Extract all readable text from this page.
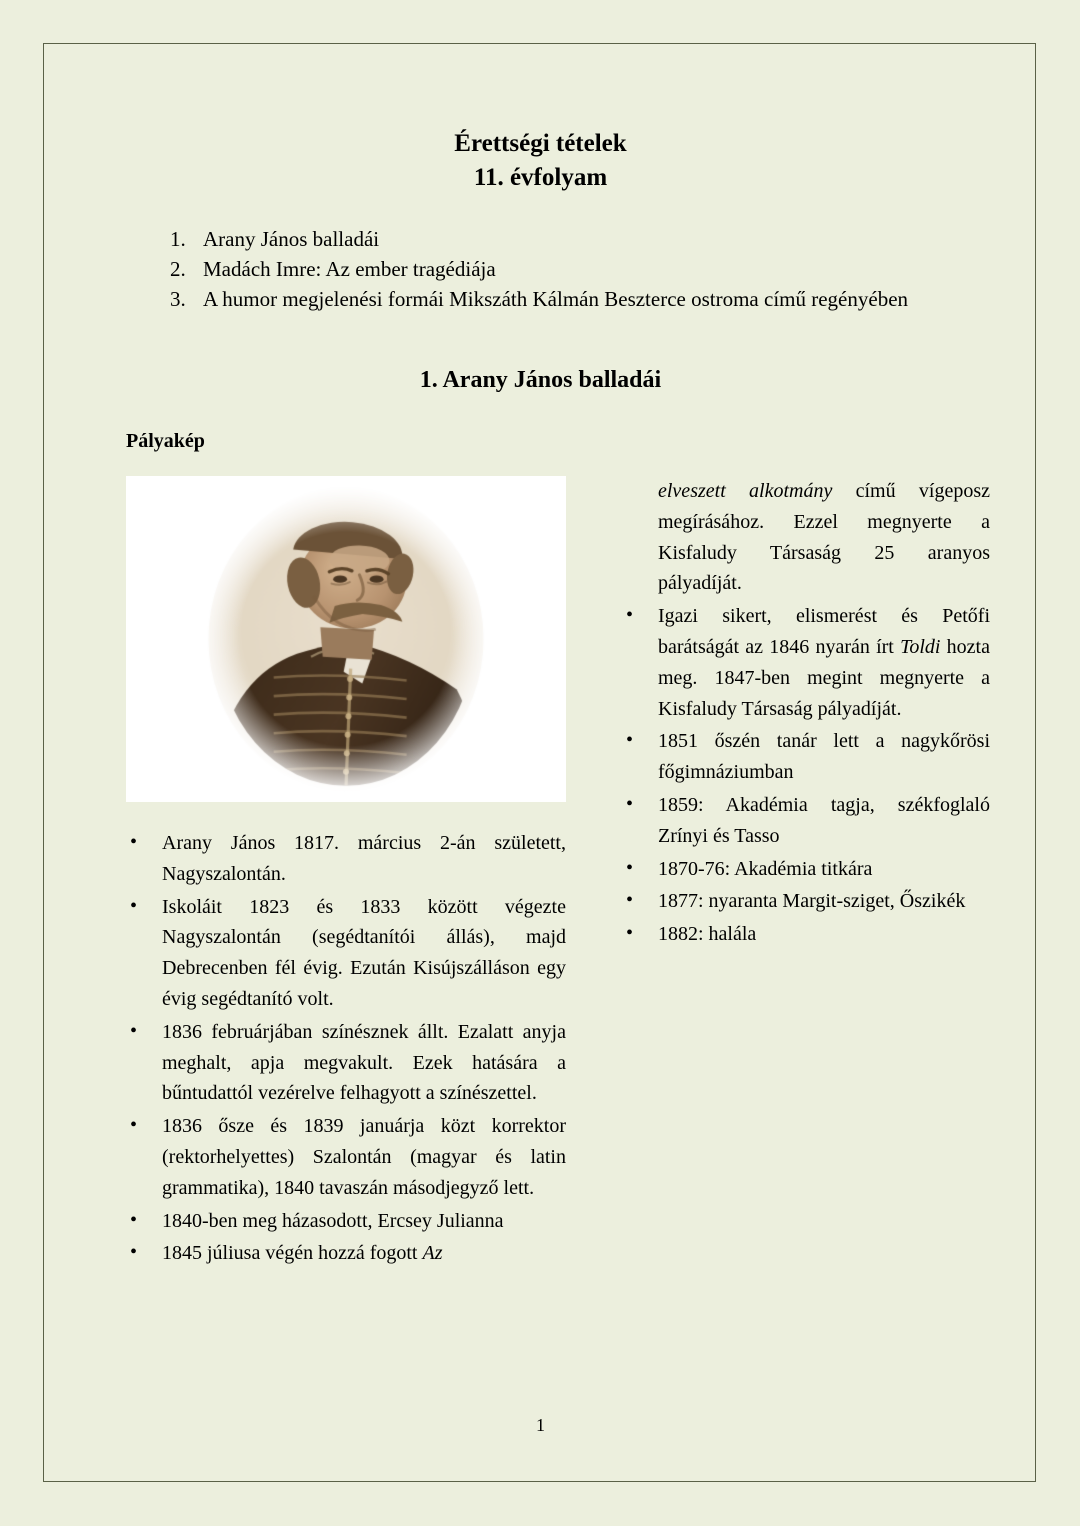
Érettségi tételek
11. évfolyam
1. Arany János balladái
2. Madách Imre: Az ember tragédiája
3. A humor megjelenési formái Mikszáth Kálmán Beszterce ostroma című regényében
1. Arany János balladái
Pályakép
• Arany János 1817. március 2-án született, Nagyszalontán.
• Iskoláit 1823 és 1833 között végezte Nagyszalontán (segédtanítói állás), majd Debrecenben fél évig. Ezután Kisújszálláson egy évig segédtanító volt.
• 1836 februárjában színésznek állt. Ezalatt anyja meghalt, apja megvakult. Ezek hatására a bűntudattól vezérelve felhagyott a színészettel.
• 1836 ősze és 1839 januárja közt korrektor (rektorhelyettes) Szalontán (magyar és latin grammatika), 1840 tavaszán másodjegyző lett.
• 1840-ben meg házasodott, Ercsey Julianna
• 1845 júliusa végén hozzá fogott Az
elveszett alkotmány című vígeposz megírásához. Ezzel megnyerte a Kisfaludy Társaság 25 aranyos pályadíját.
• Igazi sikert, elismerést és Petőfi barátságát az 1846 nyarán írt Toldi hozta meg. 1847-ben megint megnyerte a Kisfaludy Társaság pályadíját.
• 1851 őszén tanár lett a nagykőrösi főgimnáziumban
• 1859: Akadémia tagja, székfoglaló Zrínyi és Tasso
• 1870-76: Akadémia titkára
• 1877: nyaranta Margit-sziget, Őszikék
• 1882: halála
1
